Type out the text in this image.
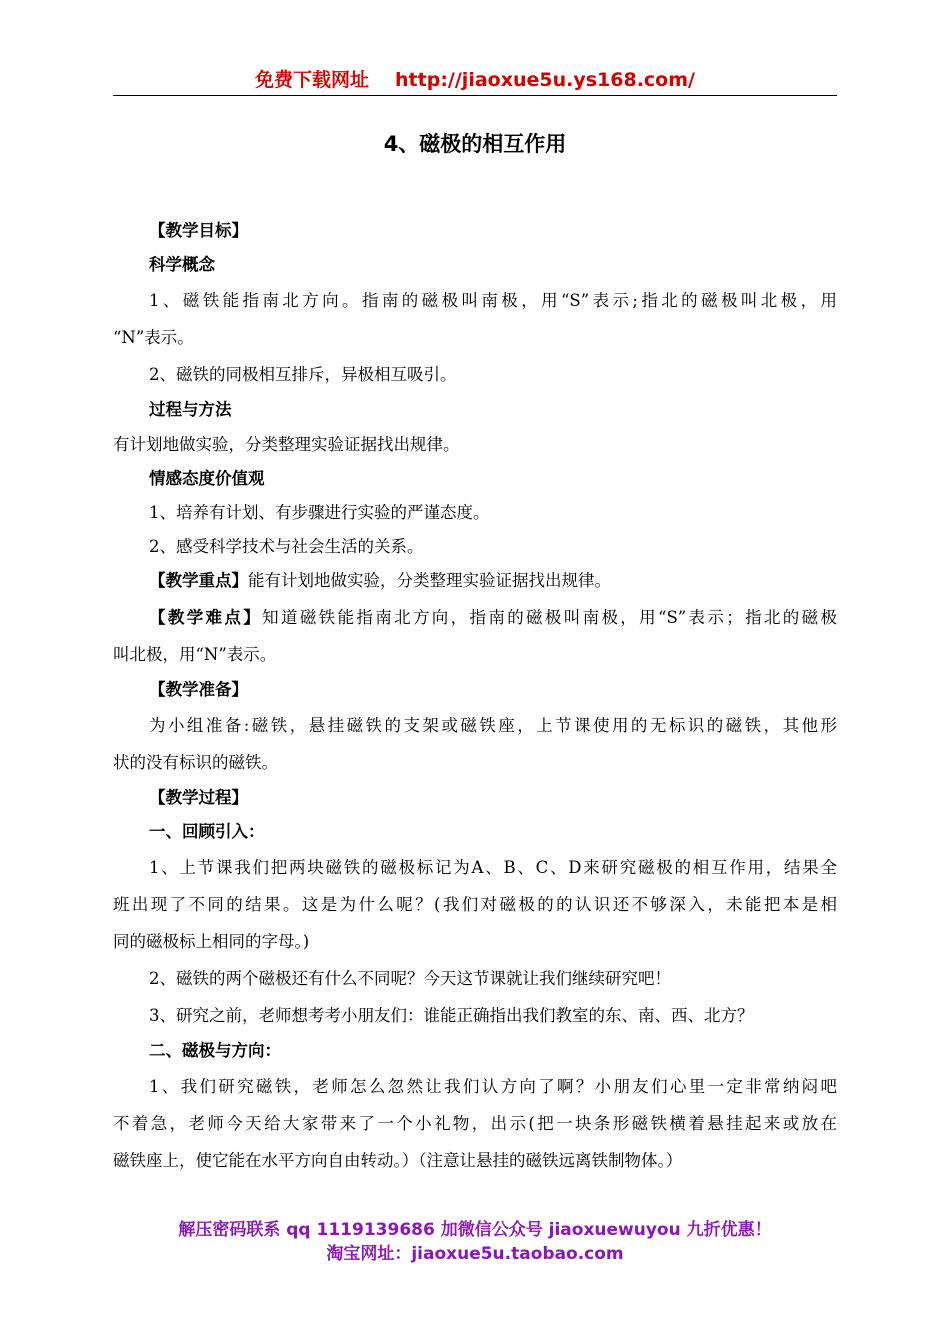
免费下载网址 http://jiaoxue5u.ys168.com/
4、磁极的相互作用
【教学目标】
科学概念
1、磁铁能指南北方向。指南的磁极叫南极，用“S”表示;指北的磁极叫北极，用
“N”表示。
2、磁铁的同极相互排斥，异极相互吸引。
过程与方法
有计划地做实验，分类整理实验证据找出规律。
情感态度价值观
1、培养有计划、有步骤进行实验的严谨态度。
2、感受科学技术与社会生活的关系。
【教学重点】能有计划地做实验，分类整理实验证据找出规律。
【教学难点】知道磁铁能指南北方向，指南的磁极叫南极，用“S”表示；指北的磁极
叫北极，用“N”表示。
【教学准备】
为小组准备:磁铁，悬挂磁铁的支架或磁铁座，上节课使用的无标识的磁铁，其他形
状的没有标识的磁铁。
【教学过程】
一、回顾引入：
1、上节课我们把两块磁铁的磁极标记为A、B、C、D来研究磁极的相互作用，结果全
班出现了不同的结果。这是为什么呢？(我们对磁极的的认识还不够深入，未能把本是相
同的磁极标上相同的字母。)
2、磁铁的两个磁极还有什么不同呢？今天这节课就让我们继续研究吧！
3、研究之前，老师想考考小朋友们：谁能正确指出我们教室的东、南、西、北方？
二、磁极与方向：
1、我们研究磁铁，老师怎么忽然让我们认方向了啊？小朋友们心里一定非常纳闷吧
不着急，老师今天给大家带来了一个小礼物，出示(把一块条形磁铁横着悬挂起来或放在
磁铁座上，使它能在水平方向自由转动。）（注意让悬挂的磁铁远离铁制物体。）
解压密码联系 qq 1119139686 加微信公众号 jiaoxuewuyou 九折优惠！
淘宝网址：jiaoxue5u.taobao.com
